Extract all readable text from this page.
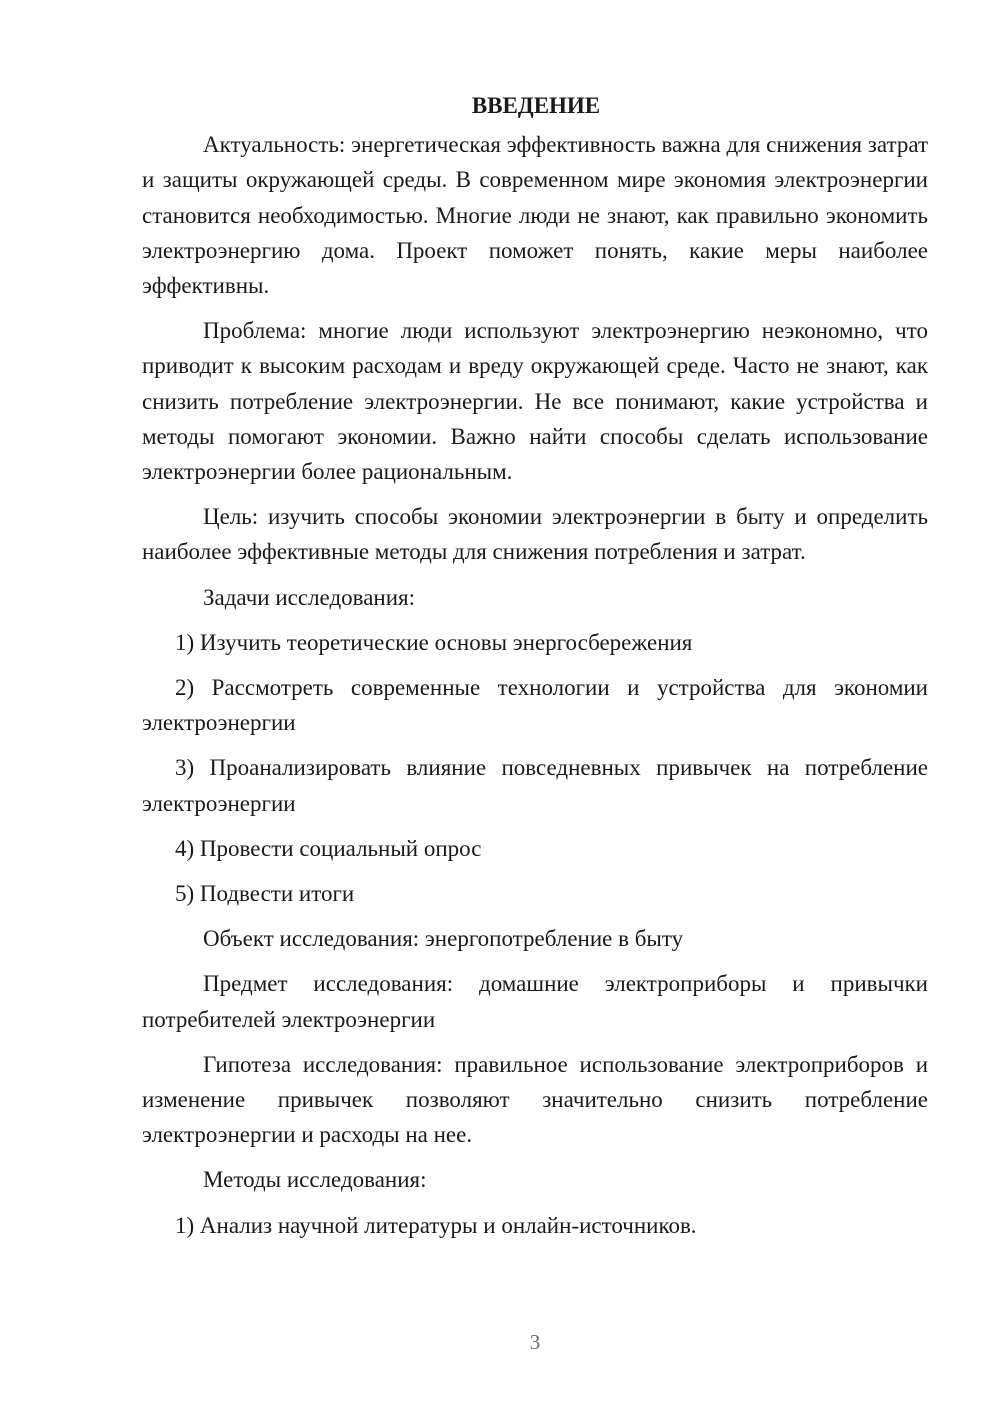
ВВЕДЕНИЕ
Актуальность: энергетическая эффективность важна для снижения затрат и защиты окружающей среды. В современном мире экономия электроэнергии становится необходимостью. Многие люди не знают, как правильно экономить электроэнергию дома. Проект поможет понять, какие меры наиболее эффективны.
Проблема: многие люди используют электроэнергию неэкономно, что приводит к высоким расходам и вреду окружающей среде. Часто не знают, как снизить потребление электроэнергии. Не все понимают, какие устройства и методы помогают экономии. Важно найти способы сделать использование электроэнергии более рациональным.
Цель: изучить способы экономии электроэнергии в быту и определить наиболее эффективные методы для снижения потребления и затрат.
Задачи исследования:
1) Изучить теоретические основы энергосбережения
2) Рассмотреть современные технологии и устройства для экономии электроэнергии
3) Проанализировать влияние повседневных привычек на потребление электроэнергии
4) Провести социальный опрос
5) Подвести итоги
Объект исследования: энергопотребление в быту
Предмет исследования: домашние электроприборы и привычки потребителей электроэнергии
Гипотеза исследования: правильное использование электроприборов и изменение привычек позволяют значительно снизить потребление электроэнергии и расходы на нее.
Методы исследования:
1) Анализ научной литературы и онлайн-источников.
3
